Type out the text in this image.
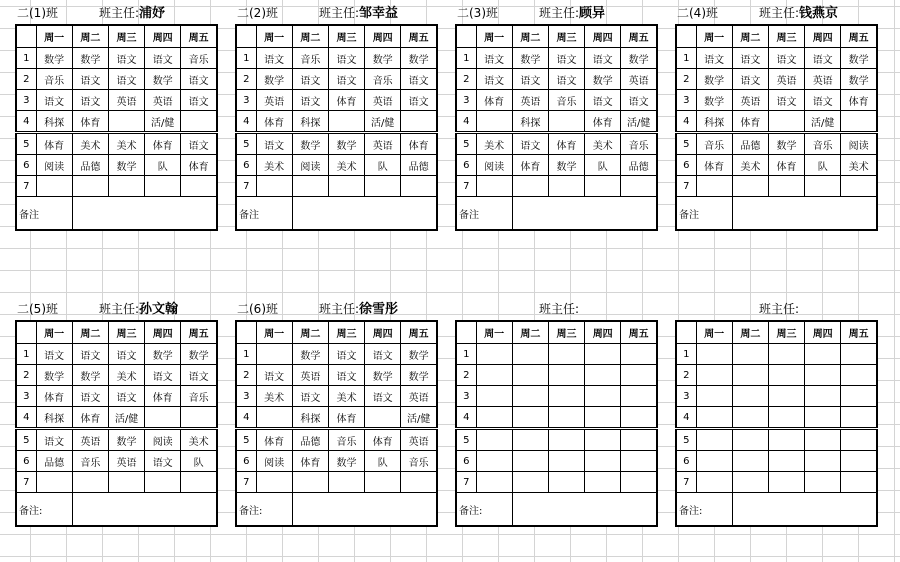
二(1)班	班主任:浦妤
	周一	周二	周三	周四	周五
1	数学	数学	语文	语文	音乐
2	音乐	语文	语文	数学	语文
3	语文	语文	英语	英语	语文
4	科探	体育		活/健	
5	体育	美术	美术	体育	语文
6	阅读	品德	数学	队	体育
7					
备注					
二(2)班	班主任:邹幸益
	周一	周二	周三	周四	周五
1	语文	音乐	语文	数学	数学
2	数学	语文	语文	音乐	语文
3	英语	语文	体育	英语	语文
4	体育	科探		活/健	
5	语文	数学	数学	英语	体育
6	美术	阅读	美术	队	品德
7					
备注					
二(3)班	班主任:顾异
	周一	周二	周三	周四	周五
1	语文	数学	语文	语文	数学
2	语文	语文	语文	数学	英语
3	体育	英语	音乐	语文	语文
4		科探		体育	活/健
5	美术	语文	体育	美术	音乐
6	阅读	体育	数学	队	品德
7					
备注					
二(4)班	班主任:钱燕京
	周一	周二	周三	周四	周五
1	语文	语文	语文	语文	数学
2	数学	语文	英语	英语	数学
3	数学	英语	语文	语文	体育
4	科探	体育		活/健	
5	音乐	品德	数学	音乐	阅读
6	体育	美术	体育	队	美术
7					
备注					
二(5)班	班主任:孙文翰
	周一	周二	周三	周四	周五
1	语文	语文	语文	数学	数学
2	数学	数学	美术	语文	语文
3	体育	语文	语文	体育	音乐
4	科探	体育	活/健		
5	语文	英语	数学	阅读	美术
6	品德	音乐	英语	语文	队
7					
备注:					
二(6)班	班主任:徐雪彤
	周一	周二	周三	周四	周五
1		数学	语文	语文	数学
2	语文	英语	语文	数学	数学
3	美术	语文	美术	语文	英语
4		科探	体育		活/健
5	体育	品德	音乐	体育	英语
6	阅读	体育	数学	队	音乐
7					
备注:					
班主任:
	周一	周二	周三	周四	周五
1					
2					
3					
4					
5					
6					
7					
备注:					
班主任:
	周一	周二	周三	周四	周五
1					
2					
3					
4					
5					
6					
7					
备注:					
